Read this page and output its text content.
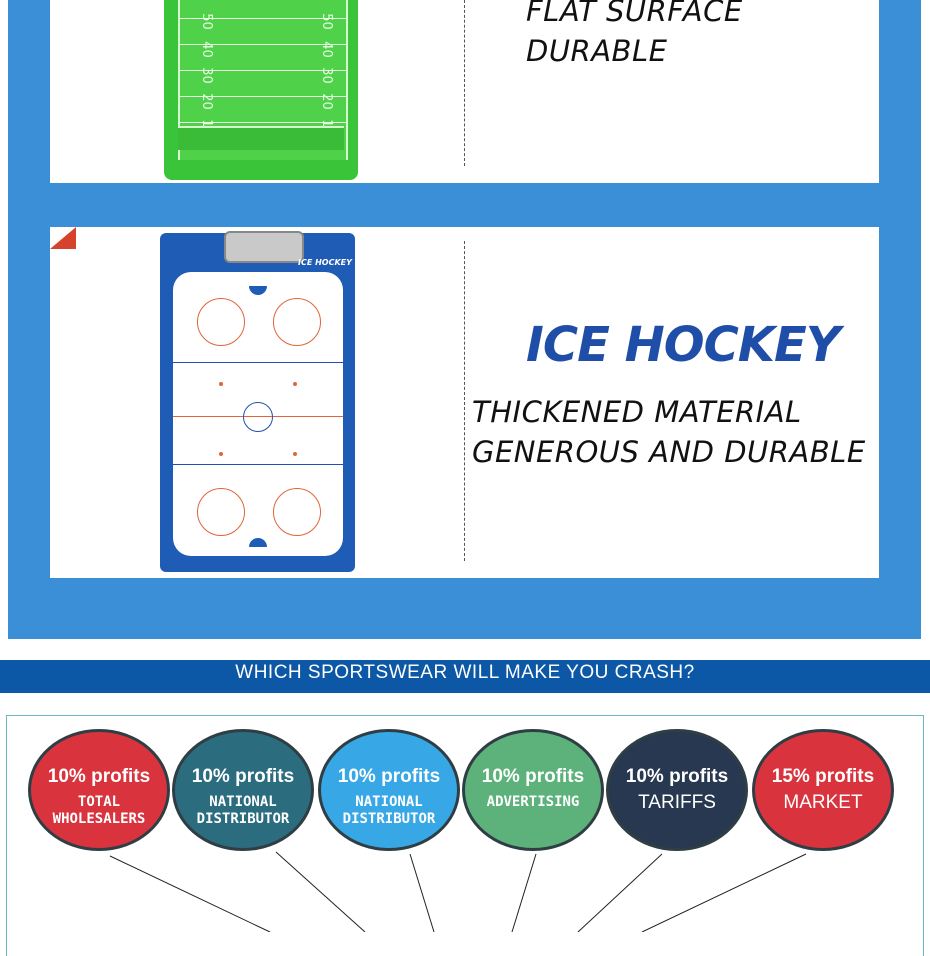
50
40
30
20
50
40
30
20
FLAT SURFACE
DURABLE
ICE HOCKEY
ICE HOCKEY
THICKENED MATERIAL
GENEROUS AND DURABLE
WHICH SPORTSWEAR WILL MAKE YOU CRASH?
10% profits
TOTAL WHOLESALERS
10% profits
NATIONAL DISTRIBUTOR
10% profits
NATIONAL DISTRIBUTOR
10% profits
ADVERTISING
10% profits
TARIFFS
15% profits
MARKET
